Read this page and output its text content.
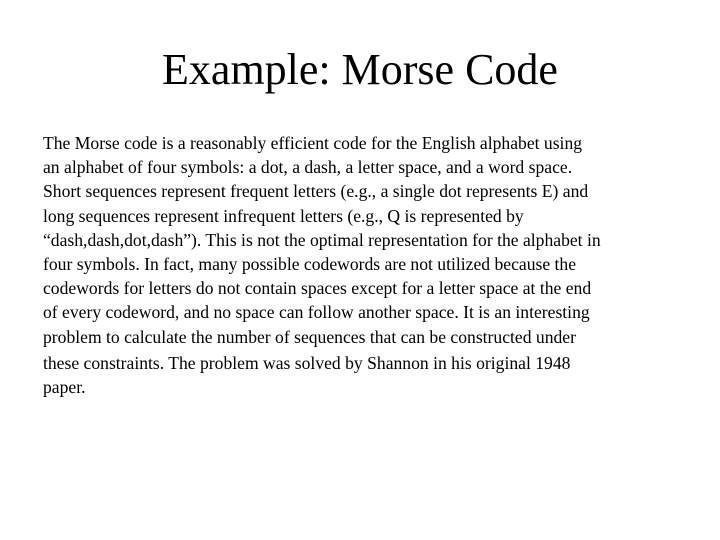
Example: Morse Code

The Morse code is a reasonably efficient code for the English alphabet using
an alphabet of four symbols: a dot, a dash, a letter space, and a word space.
Short sequences represent frequent letters (e.g., a single dot represents E) and
long sequences represent infrequent letters (e.g., Q is represented by
“dash,dash,dot,dash”). This is not the optimal representation for the alphabet in
four symbols. In fact, many possible codewords are not utilized because the
codewords for letters do not contain spaces except for a letter space at the end
of every codeword, and no space can follow another space. It is an interesting
problem to calculate the number of sequences that can be constructed under
these constraints. The problem was solved by Shannon in his original 1948
paper.
